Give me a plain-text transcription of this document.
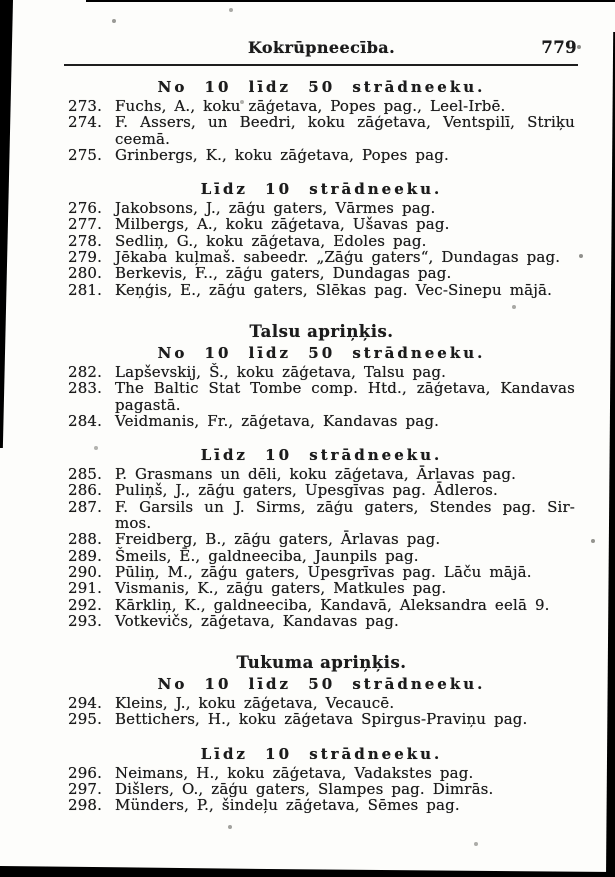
Kokrūpneecība.	779
No 10 līdz 50 strādneeku.
273. Fuchs, A., koku zāģetava, Popes pag., Leel-Irbē.
274. F. Assers, un Beedri, koku zāģetava, Ventspilī, Striķu
ceemā.
275. Grinbergs, K., koku zāģetava, Popes pag.
Līdz 10 strādneeku.
276. Jakobsons, J., zāģu gaters, Vārmes pag.
277. Milbergs, A., koku zāģetava, Ušavas pag.
278. Sedliņ, G., koku zāģetava, Edoles pag.
279. Jēkaba kuļmaš. sabeedr. „Zāģu gaters“, Dundagas pag.
280. Berkevis, F.., zāģu gaters, Dundagas pag.
281. Keņģis, E., zāģu gaters, Slēkas pag. Vec-Sinepu mājā.
Talsu apriņķis.
No 10 līdz 50 strādneeku.
282. Lapševskij, Š., koku zāģetava, Talsu pag.
283. The Baltic Stat Tombe comp. Htd., zāģetava, Kandavas
pagastā.
284. Veidmanis, Fr., zāģetava, Kandavas pag.
Līdz 10 strādneeku.
285. P. Grasmans un dēli, koku zāģetava, Ārlavas pag.
286. Puliņš, J., zāģu gaters, Upesgīvas pag. Ādleros.
287. F. Garsils un J. Sirms, zāģu gaters, Stendes pag. Sir-
mos.
288. Freidberg, B., zāģu gaters, Ārlavas pag.
289. Šmeils, Ē., galdneeciba, Jaunpils pag.
290. Pūliņ, M., zāģu gaters, Upesgrīvas pag. Lāču mājā.
291. Vismanis, K., zāģu gaters, Matkules pag.
292. Kārkliņ, K., galdneeciba, Kandavā, Aleksandra eelā 9.
293. Votkevičs, zāģetava, Kandavas pag.
Tukuma apriņķis.
No 10 līdz 50 strādneeku.
294. Kleins, J., koku zāģetava, Vecaucē.
295. Bettichers, H., koku zāģetava Spirgus-Praviņu pag.
Līdz 10 strādneeku.
296. Neimans, H., koku zāģetava, Vadakstes pag.
297. Dišlers, O., zāģu gaters, Slampes pag. Dimrās.
298. Münders, P., šindeļu zāģetava, Sēmes pag.
